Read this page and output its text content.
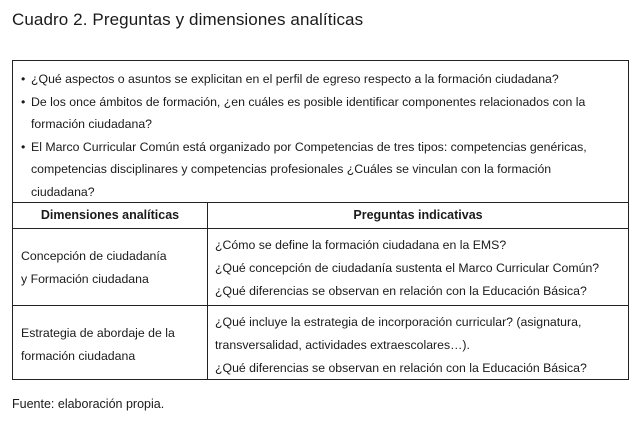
Cuadro 2. Preguntas y dimensiones analíticas
• ¿Qué aspectos o asuntos se explicitan en el perfil de egreso respecto a la formación ciudadana?
• De los once ámbitos de formación, ¿en cuáles es posible identificar componentes relacionados con la
formación ciudadana?
• El Marco Curricular Común está organizado por Competencias de tres tipos: competencias genéricas,
competencias disciplinares y competencias profesionales ¿Cuáles se vinculan con la formación
ciudadana?
Dimensiones analíticas	Preguntas indicativas
Concepción de ciudadanía
y Formación ciudadana
¿Cómo se define la formación ciudadana en la EMS?
¿Qué concepción de ciudadanía sustenta el Marco Curricular Común?
¿Qué diferencias se observan en relación con la Educación Básica?
Estrategia de abordaje de la
formación ciudadana
¿Qué incluye la estrategia de incorporación curricular? (asignatura,
transversalidad, actividades extraescolares…).
¿Qué diferencias se observan en relación con la Educación Básica?
Fuente: elaboración propia.
